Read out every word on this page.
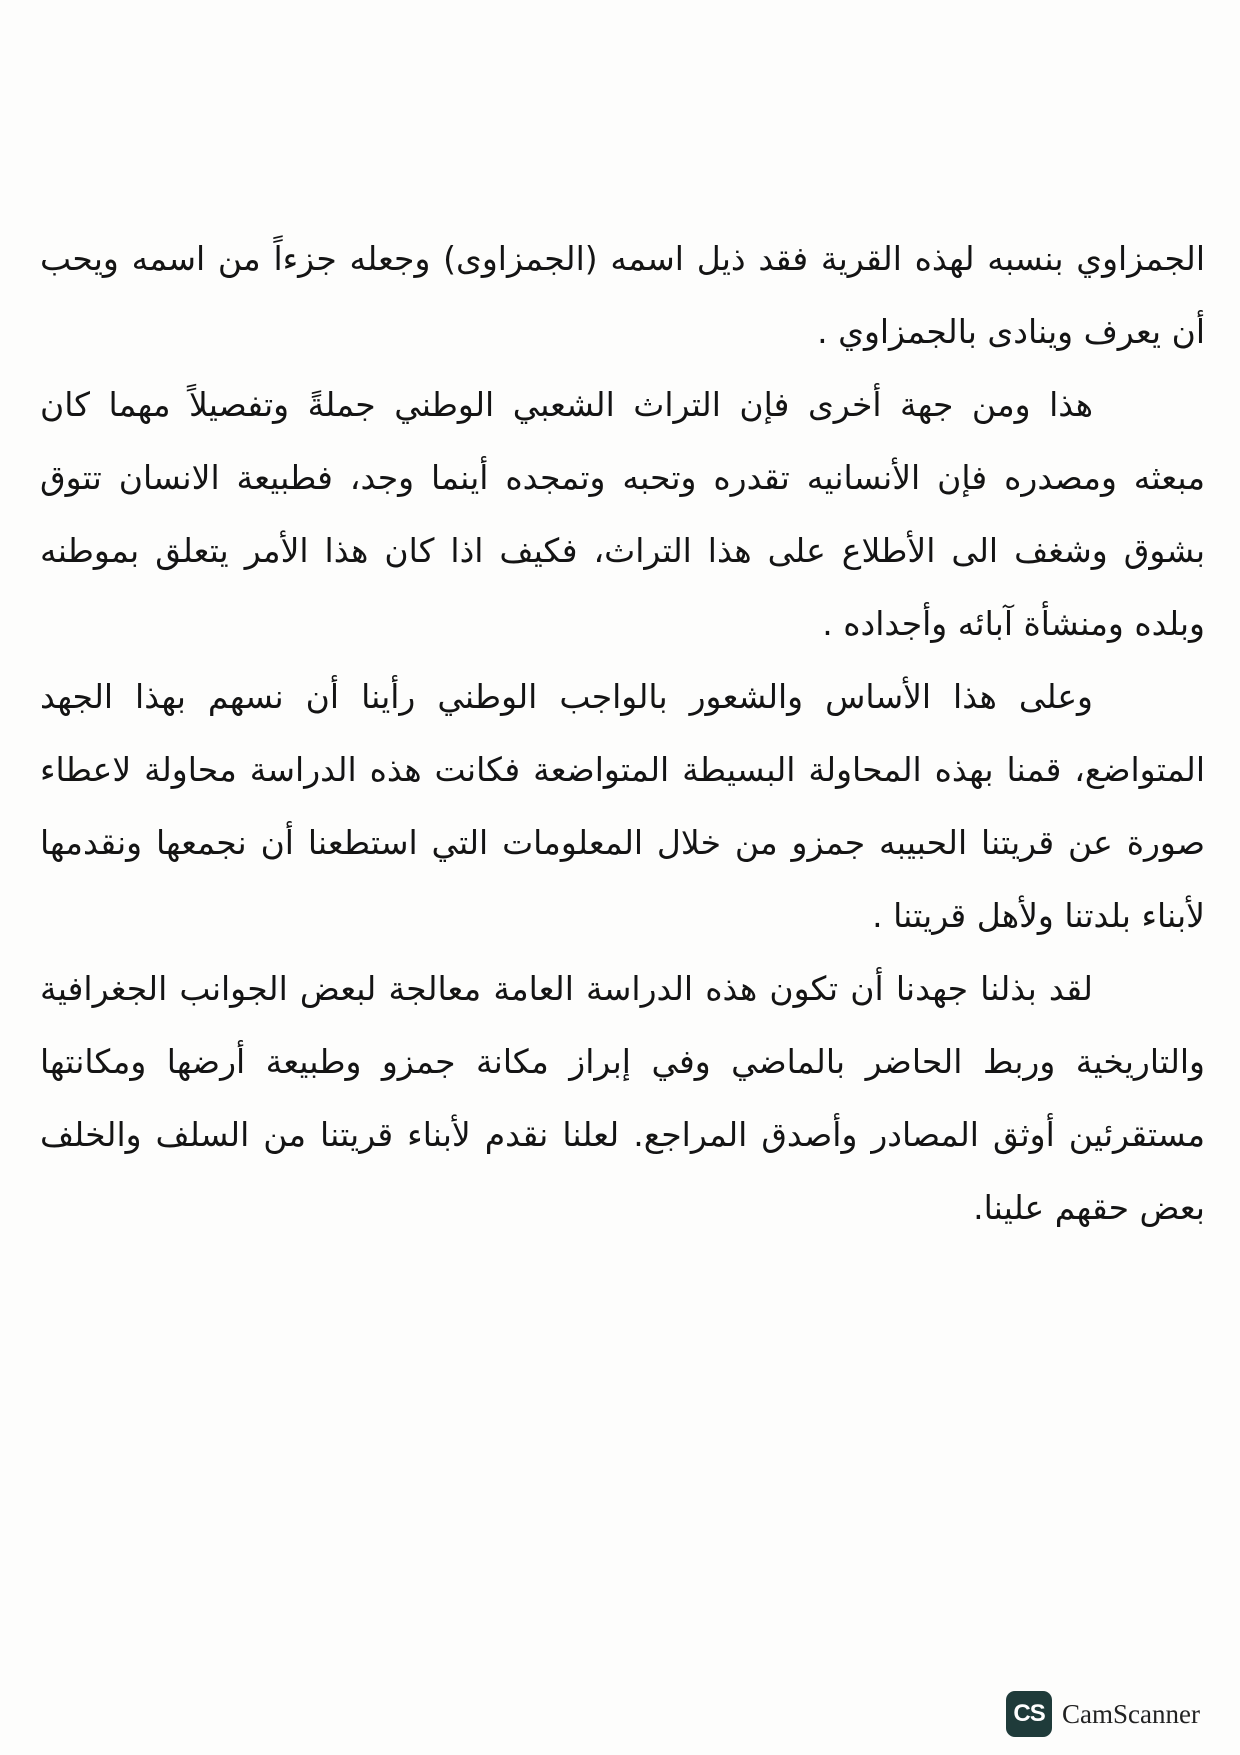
الجمزاوي بنسبه لهذه القرية فقد ذيل اسمه (الجمزاوى) وجعله جزءاً من اسمه ويحب
أن يعرف وينادى بالجمزاوي .
هذا ومن جهة أخرى فإن التراث الشعبي الوطني جملةً وتفصيلاً مهما كان
مبعثه ومصدره فإن الأنسانيه تقدره وتحبه وتمجده أينما وجد، فطبيعة الانسان تتوق
بشوق وشغف الى الأطلاع على هذا التراث، فكيف اذا كان هذا الأمر يتعلق بموطنه
وبلده ومنشأة آبائه وأجداده .
وعلى هذا الأساس والشعور بالواجب الوطني رأينا أن نسهم بهذا الجهد
المتواضع، قمنا بهذه المحاولة البسيطة المتواضعة فكانت هذه الدراسة محاولة لاعطاء
صورة عن قريتنا الحبيبه جمزو من خلال المعلومات التي استطعنا أن نجمعها ونقدمها
لأبناء بلدتنا ولأهل قريتنا .
لقد بذلنا جهدنا أن تكون هذه الدراسة العامة معالجة لبعض الجوانب الجغرافية
والتاريخية وربط الحاضر بالماضي وفي إبراز مكانة جمزو وطبيعة أرضها ومكانتها
مستقرئين أوثق المصادر وأصدق المراجع. لعلنا نقدم لأبناء قريتنا من السلف والخلف
بعض حقهم علينا.
CS CamScanner
